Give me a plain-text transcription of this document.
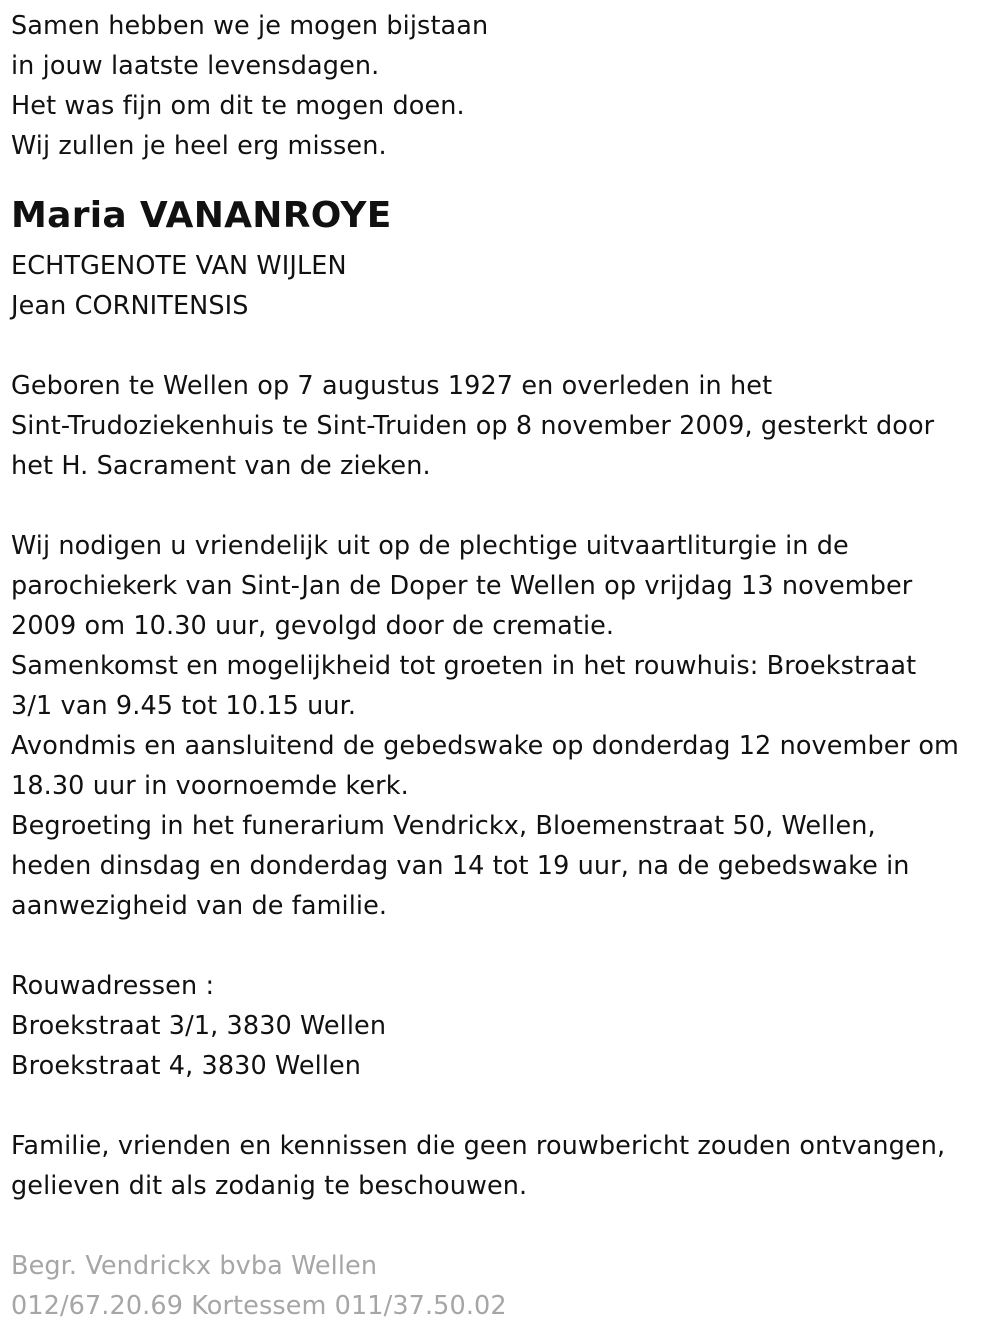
Samen hebben we je mogen bijstaan
in jouw laatste levensdagen.
Het was fijn om dit te mogen doen.
Wij zullen je heel erg missen.
Maria VANANROYE
ECHTGENOTE VAN WIJLEN
Jean CORNITENSIS
Geboren te Wellen op 7 augustus 1927 en overleden in het
Sint-Trudoziekenhuis te Sint-Truiden op 8 november 2009, gesterkt door
het H. Sacrament van de zieken.
Wij nodigen u vriendelijk uit op de plechtige uitvaartliturgie in de
parochiekerk van Sint-Jan de Doper te Wellen op vrijdag 13 november
2009 om 10.30 uur, gevolgd door de crematie.
Samenkomst en mogelijkheid tot groeten in het rouwhuis: Broekstraat
3/1 van 9.45 tot 10.15 uur.
Avondmis en aansluitend de gebedswake op donderdag 12 november om
18.30 uur in voornoemde kerk.
Begroeting in het funerarium Vendrickx, Bloemenstraat 50, Wellen,
heden dinsdag en donderdag van 14 tot 19 uur, na de gebedswake in
aanwezigheid van de familie.
Rouwadressen :
Broekstraat 3/1, 3830 Wellen
Broekstraat 4, 3830 Wellen
Familie, vrienden en kennissen die geen rouwbericht zouden ontvangen,
gelieven dit als zodanig te beschouwen.
Begr. Vendrickx bvba Wellen
012/67.20.69 Kortessem 011/37.50.02
